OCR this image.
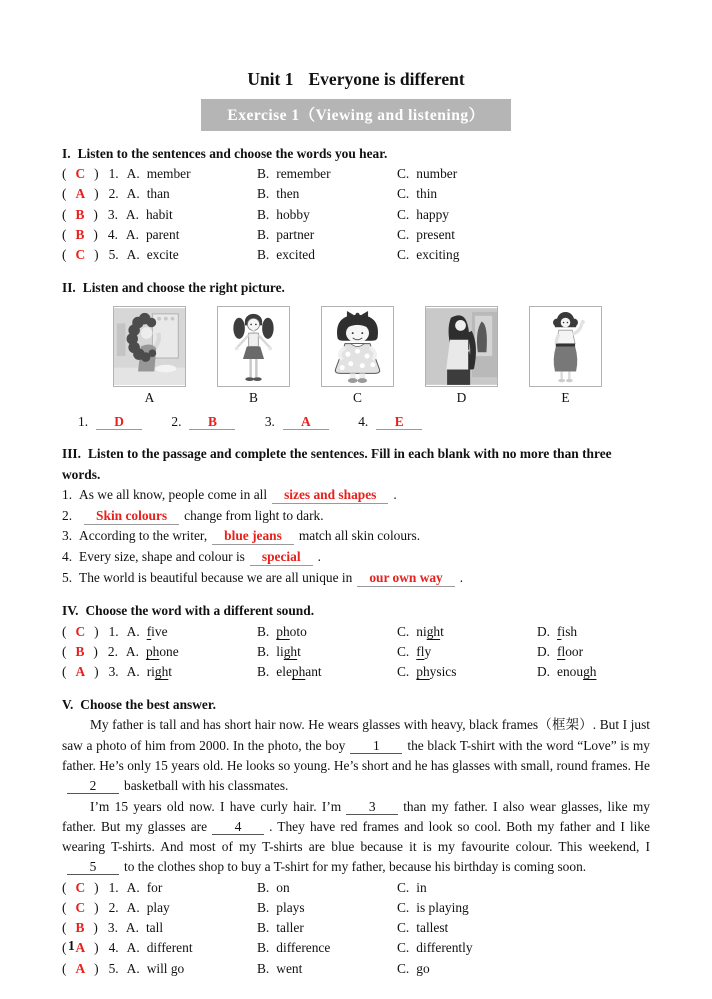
Unit 1 Everyone is different
Exercise 1（Viewing and listening）
I. Listen to the sentences and choose the words you hear.
( C ) 1. A. member	B. remember	C. number
( A ) 2. A. than	B. then	C. thin
( B ) 3. A. habit	B. hobby	C. happy
( B ) 4. A. parent	B. partner	C. present
( C ) 5. A. excite	B. excited	C. exciting
II. Listen and choose the right picture.
A	B	C	D	E
1. D	2. B	3. A	4. E
III. Listen to the passage and complete the sentences. Fill in each blank with no more than three words.
1. As we all know, people come in all sizes and shapes .
2. Skin colours change from light to dark.
3. According to the writer, blue jeans match all skin colours.
4. Every size, shape and colour is special .
5. The world is beautiful because we are all unique in our own way .
IV. Choose the word with a different sound.
( C ) 1. A. five	B. photo	C. night	D. fish
( B ) 2. A. phone	B. light	C. fly	D. floor
( A ) 3. A. right	B. elephant	C. physics	D. enough
V. Choose the best answer.

My father is tall and has short hair now. He wears glasses with heavy, black frames（框架）. But I just saw a photo of him from 2000. In the photo, the boy 1 the black T-shirt with the word “Love” is my father. He’s only 15 years old. He looks so young. He’s short and he has glasses with small, round frames. He2 basketball with his classmates.

I’m 15 years old now. I have curly hair. I’m 3 than my father. I also wear glasses, like my father. But my glasses are 4 . They have red frames and look so cool. Both my father and I like wearing T-shirts. And most of my T-shirts are blue because it is my favourite colour. This weekend, I5 to the clothes shop to buy a T-shirt for my father, because his birthday is coming soon.

( C ) 1. A. for	B. on	C. in
( C ) 2. A. play	B. plays	C. is playing
( B ) 3. A. tall	B. taller	C. tallest
( A ) 4. A. different	B. difference	C. differently
( A ) 5. A. will go	B. went	C. go
1
